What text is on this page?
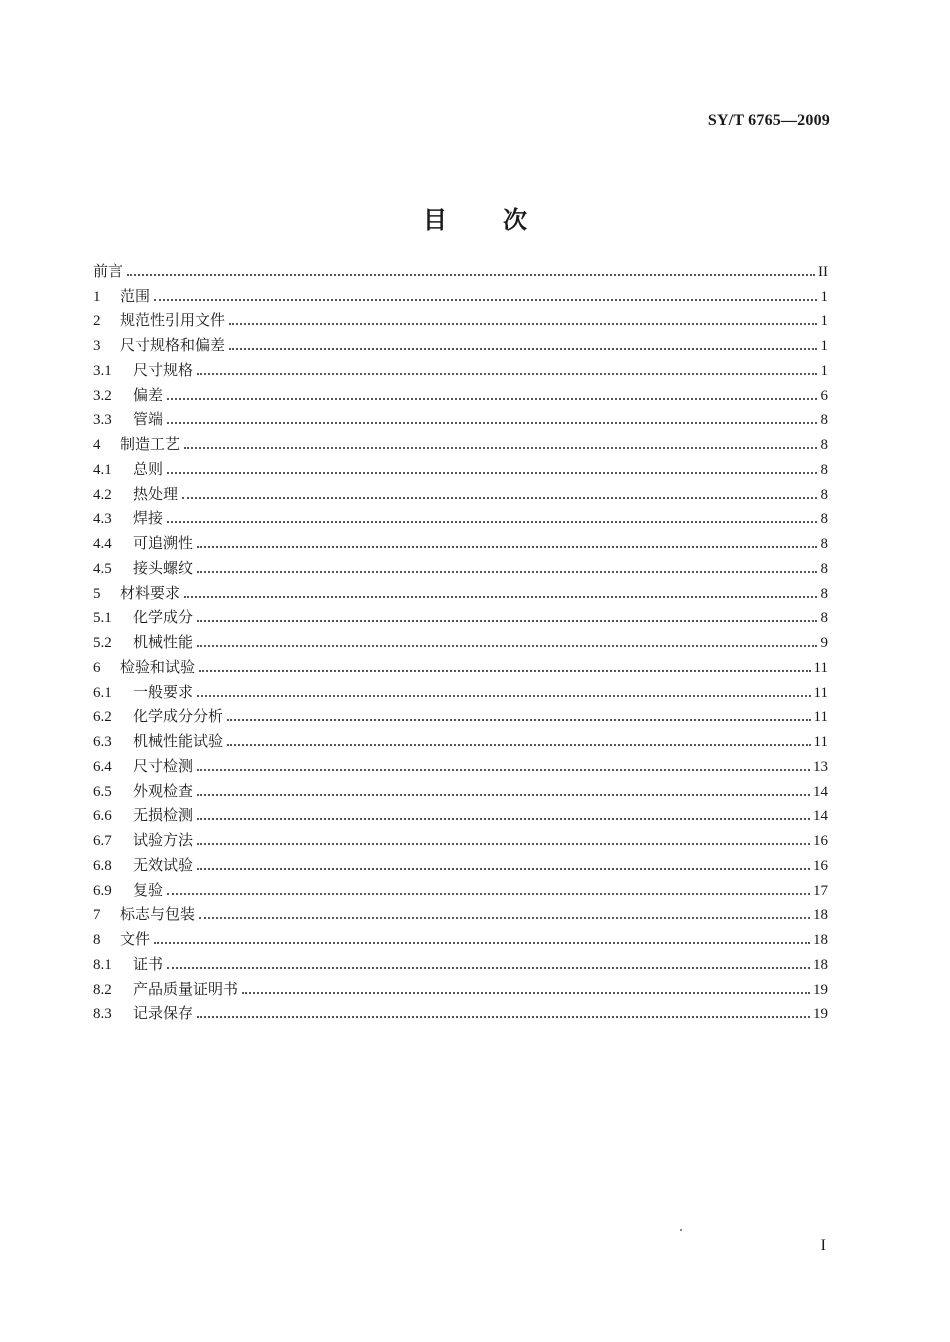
SY/T 6765—2009
目次
前言	II
1	范围	1
2	规范性引用文件	1
3	尺寸规格和偏差	1
3.1	尺寸规格	1
3.2	偏差	6
3.3	管端	8
4	制造工艺	8
4.1	总则	8
4.2	热处理	8
4.3	焊接	8
4.4	可追溯性	8
4.5	接头螺纹	8
5	材料要求	8
5.1	化学成分	8
5.2	机械性能	9
6	检验和试验	11
6.1	一般要求	11
6.2	化学成分分析	11
6.3	机械性能试验	11
6.4	尺寸检测	13
6.5	外观检查	14
6.6	无损检测	14
6.7	试验方法	16
6.8	无效试验	16
6.9	复验	17
7	标志与包装	18
8	文件	18
8.1	证书	18
8.2	产品质量证明书	19
8.3	记录保存	19
I
